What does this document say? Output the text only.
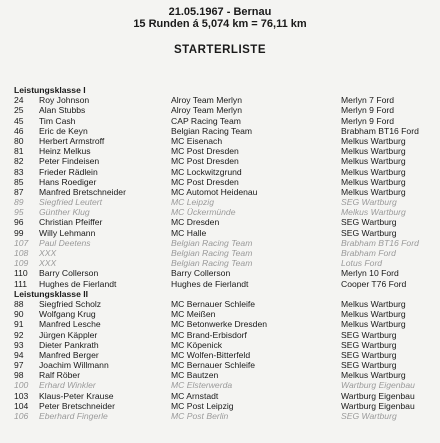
21.05.1967 - Bernau
15 Runden á 5,074 km = 76,11 km
STARTERLISTE
Leistungsklasse I
24 Roy Johnson	Alroy Team Merlyn	Merlyn 7 Ford
25 Alan Stubbs	Alroy Team Merlyn	Merlyn 9 Ford
45 Tim Cash	CAP Racing Team	Merlyn 9 Ford
46 Eric de Keyn	Belgian Racing Team	Brabham BT16 Ford
80 Herbert Armstroff	MC Eisenach	Melkus Wartburg
81 Heinz Melkus	MC Post Dresden	Melkus Wartburg
82 Peter Findeisen	MC Post Dresden	Melkus Wartburg
83 Frieder Rädlein	MC Lockwitzgrund	Melkus Wartburg
85 Hans Roediger	MC Post Dresden	Melkus Wartburg
87 Manfred Bretschneider	MC Automot Heidenau	Melkus Wartburg
89 Siegfried Leutert	MC Leipzig	SEG Wartburg
95 Günther Klug	MC Ückermünde	Melkus Wartburg
96 Christian Pfeiffer	MC Dresden	SEG Wartburg
99 Willy Lehmann	MC Halle	SEG Wartburg
107 Paul Deetens	Belgian Racing Team	Brabham BT16 Ford
108 XXX	Belgian Racing Team	Brabham Ford
109 XXX	Belgian Racing Team	Lotus Ford
110 Barry Collerson	Barry Collerson	Merlyn 10 Ford
111 Hughes de Fierlandt	Hughes de Fierlandt	Cooper T76 Ford
Leistungsklasse II
88 Siegfried Scholz	MC Bernauer Schleife	Melkus Wartburg
90 Wolfgang Krug	MC Meißen	Melkus Wartburg
91 Manfred Lesche	MC Betonwerke Dresden	Melkus Wartburg
92 Jürgen Käppler	MC Brand-Erbisdorf	SEG Wartburg
93 Dieter Pankrath	MC Köpenick	SEG Wartburg
94 Manfred Berger	MC Wolfen-Bitterfeld	SEG Wartburg
97 Joachim Willmann	MC Bernauer Schleife	SEG Wartburg
98 Ralf Röber	MC Bautzen	Melkus Wartburg
100 Erhard Winkler	MC Elsterwerda	Wartburg Eigenbau
103 Klaus-Peter Krause	MC Arnstadt	Wartburg Eigenbau
104 Peter Bretschneider	MC Post Leipzig	Wartburg Eigenbau
106 Eberhard Fingerle	MC Post Berlin	SEG Wartburg
